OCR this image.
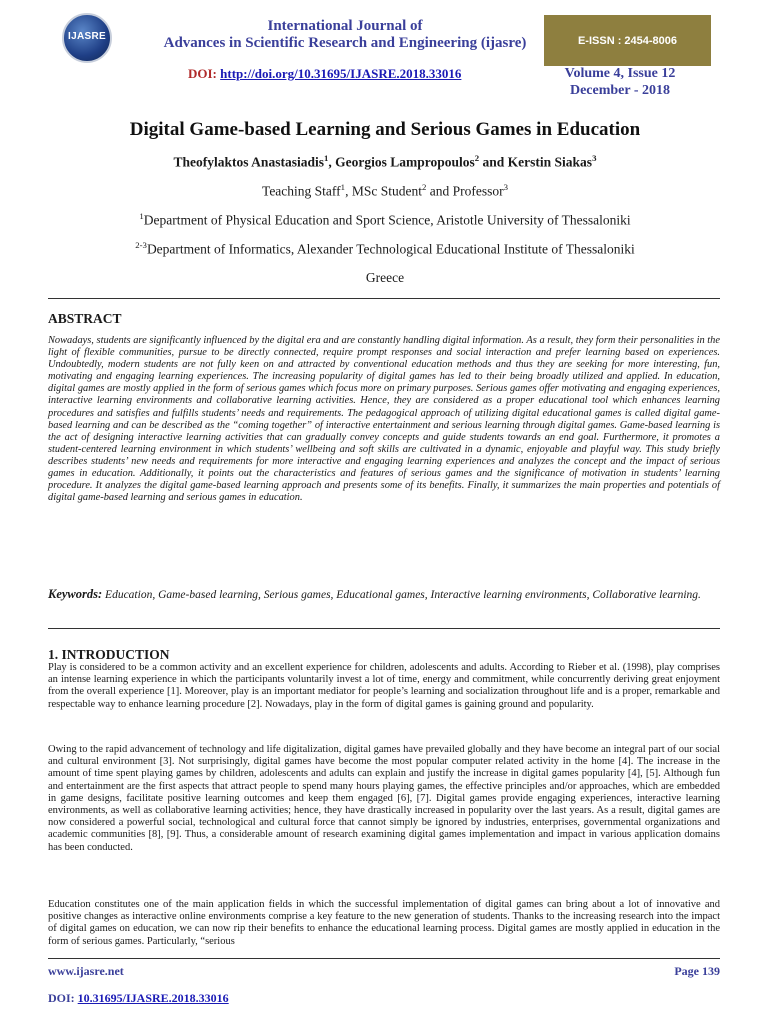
IJASRE
International Journal of
Advances in Scientific Research and Engineering (ijasre)	E-ISSN : 2454-8006
DOI: http://doi.org/10.31695/IJASRE.2018.33016	Volume 4, Issue 12
December - 2018
Digital Game-based Learning and Serious Games in Education
Theofylaktos Anastasiadis$^1$, Georgios Lampropoulos$^2$ and Kerstin Siakas$^3$
Teaching Staff$^1$, MSc Student$^2$ and Professor$^3$
$^1$Department of Physical Education and Sport Science, Aristotle University of Thessaloniki
$^{2-3}$Department of Informatics, Alexander Technological Educational Institute of Thessaloniki
Greece
ABSTRACT

Nowadays, students are significantly influenced by the digital era and are constantly handling digital information. As a result, they form their personalities in the light of flexible communities, pursue to be directly connected, require prompt responses and social interaction and prefer learning based on experiences. Undoubtedly, modern students are not fully keen on and attracted by conventional education methods and thus they are seeking for more interesting, fun, motivating and engaging learning experiences. The increasing popularity of digital games has led to their being broadly utilized and applied. In education, digital games are mostly applied in the form of serious games which focus more on primary purposes. Serious games offer motivating and engaging experiences, interactive learning environments and collaborative learning activities. Hence, they are considered as a proper educational tool which enhances learning procedures and satisfies and fulfills students’ needs and requirements. The pedagogical approach of utilizing digital educational games is called digital game-based learning and can be described as the “coming together” of interactive entertainment and serious learning through digital games. Game-based learning is the act of designing interactive learning activities that can gradually convey concepts and guide students towards an end goal. Furthermore, it promotes a student-centered learning environment in which students’ wellbeing and soft skills are cultivated in a dynamic, enjoyable and playful way. This study briefly describes students’ new needs and requirements for more interactive and engaging learning experiences and analyzes the concept and the impact of serious games in education. Additionally, it points out the characteristics and features of serious games and the significance of motivation in students’ learning procedure. It analyzes the digital game-based learning approach and presents some of its benefits. Finally, it summarizes the main properties and potentials of digital game-based learning and serious games in education.

Keywords: Education, Game-based learning, Serious games, Educational games, Interactive learning environments, Collaborative learning.
1. INTRODUCTION

Play is considered to be a common activity and an excellent experience for children, adolescents and adults. According to Rieber et al. (1998), play comprises an intense learning experience in which the participants voluntarily invest a lot of time, energy and commitment, while concurrently deriving great enjoyment from the overall experience [1]. Moreover, play is an important mediator for people’s learning and socialization throughout life and is a proper, remarkable and respectable way to enhance learning procedure [2]. Nowadays, play in the form of digital games is gaining ground and popularity.

Owing to the rapid advancement of technology and life digitalization, digital games have prevailed globally and they have become an integral part of our social and cultural environment [3]. Not surprisingly, digital games have become the most popular computer related activity in the home [4]. The increase in the amount of time spent playing games by children, adolescents and adults can explain and justify the increase in digital games popularity [4], [5]. Although fun and entertainment are the first aspects that attract people to spend many hours playing games, the effective principles and/or approaches, which are embedded in game designs, facilitate positive learning outcomes and keep them engaged [6], [7]. Digital games provide engaging experiences, interactive learning environments, as well as collaborative learning activities; hence, they have drastically increased in popularity over the last years. As a result, digital games are now considered a powerful social, technological and cultural force that cannot simply be ignored by industries, enterprises, governmental organizations and academic communities [8], [9]. Thus, a considerable amount of research examining digital games implementation and impact in various application domains has been conducted.

Education constitutes one of the main application fields in which the successful implementation of digital games can bring about a lot of innovative and positive changes as interactive online environments comprise a key feature to the new generation of students. Thanks to the increasing research into the impact of digital games on education, we can now rip their benefits to enhance the educational learning process. Digital games are mostly applied in education in the form of serious games. Particularly, “serious

www.ijasre.net	Page 139
DOI: 10.31695/IJASRE.2018.33016
